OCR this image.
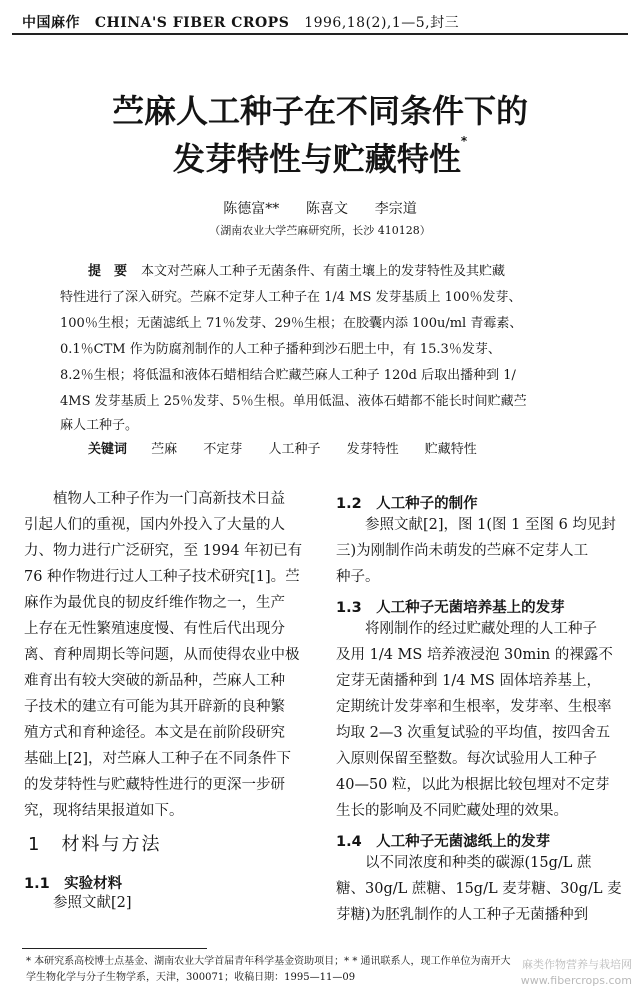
中国麻作 CHINA'S FIBER CROPS 1996,18(2),1—5,封三
苎麻人工种子在不同条件下的
发芽特性与贮藏特性*
陈德富**      陈喜文      李宗道
（湖南农业大学苎麻研究所，长沙 410128）
提　要 本文对苎麻人工种子无菌条件、有菌土壤上的发芽特性及其贮藏
特性进行了深入研究。苎麻不定芽人工种子在 1/4 MS 发芽基质上 100％发芽、
100％生根；无菌滤纸上 71％发芽、29％生根；在胶囊内添 100u/ml 青霉素、
0.1％CTM 作为防腐剂制作的人工种子播种到沙石肥土中，有 15.3％发芽、
8.2％生根；将低温和液体石蜡相结合贮藏苎麻人工种子 120d 后取出播种到 1/
4MS 发芽基质上 25％发芽、5％生根。单用低温、液体石蜡都不能长时间贮藏苎
麻人工种子。
关键词 苎麻 不定芽 人工种子 发芽特性 贮藏特性
　　植物人工种子作为一门高新技术日益
引起人们的重视，国内外投入了大量的人
力、物力进行广泛研究，至 1994 年初已有
76 种作物进行过人工种子技术研究[1]。苎
麻作为最优良的韧皮纤维作物之一，生产
上存在无性繁殖速度慢、有性后代出现分
离、育种周期长等问题，从而使得农业中极
难育出有较大突破的新品种，苎麻人工种
子技术的建立有可能为其开辟新的良种繁
殖方式和育种途径。本文是在前阶段研究
基础上[2]，对苎麻人工种子在不同条件下
的发芽特性与贮藏特性进行的更深一步研
究，现将结果报道如下。
1　材料与方法
1.1　实验材料
　　参照文献[2]
1.2　人工种子的制作
　　参照文献[2]，图 1(图 1 至图 6 均见封
三)为刚制作尚未萌发的苎麻不定芽人工
种子。
1.3　人工种子无菌培养基上的发芽
　　将刚制作的经过贮藏处理的人工种子
及用 1/4 MS 培养液浸泡 30min 的裸露不
定芽无菌播种到 1/4 MS 固体培养基上，
定期统计发芽率和生根率，发芽率、生根率
均取 2—3 次重复试验的平均值，按四舍五
入原则保留至整数。每次试验用人工种子
40—50 粒，以此为根据比较包埋对不定芽
生长的影响及不同贮藏处理的效果。
1.4　人工种子无菌滤纸上的发芽
　　以不同浓度和种类的碳源(15g/L 蔗
糖、30g/L 蔗糖、15g/L 麦芽糖、30g/L 麦
芽糖)为胚乳制作的人工种子无菌播种到
* 本研究系高校博士点基金、湖南农业大学首届青年科学基金资助项目；* * 通讯联系人，现工作单位为南开大
学生物化学与分子生物学系，天津，300071；收稿日期：1995—11—09
麻类作物营养与栽培网
www.fibercrops.com
